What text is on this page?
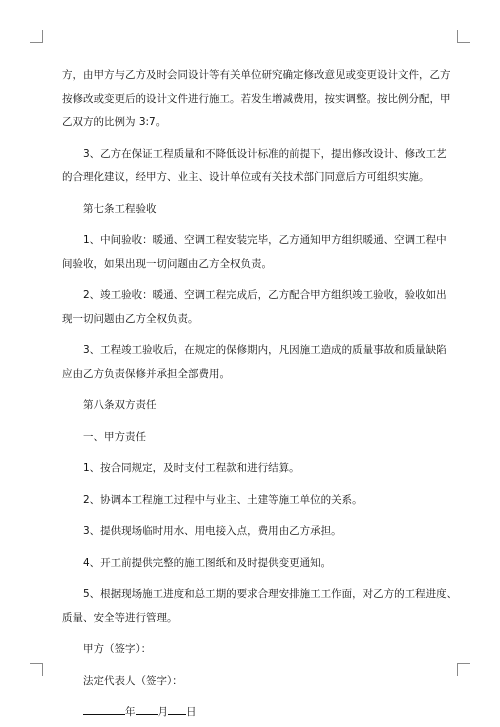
方，由甲方与乙方及时会同设计等有关单位研究确定修改意见或变更设计文件，乙方
按修改或变更后的设计文件进行施工。若发生增减费用，按实调整。按比例分配，甲
乙双方的比例为 3:7。
3、乙方在保证工程质量和不降低设计标准的前提下，提出修改设计、修改工艺
的合理化建议，经甲方、业主、设计单位或有关技术部门同意后方可组织实施。
第七条工程验收
1、中间验收：暖通、空调工程安装完毕，乙方通知甲方组织暖通、空调工程中
间验收，如果出现一切问题由乙方全权负责。
2、竣工验收：暖通、空调工程完成后，乙方配合甲方组织竣工验收，验收如出
现一切问题由乙方全权负责。
3、工程竣工验收后，在规定的保修期内，凡因施工造成的质量事故和质量缺陷
应由乙方负责保修并承担全部费用。
第八条双方责任
一、甲方责任
1、按合同规定，及时支付工程款和进行结算。
2、协调本工程施工过程中与业主、土建等施工单位的关系。
3、提供现场临时用水、用电接入点，费用由乙方承担。
4、开工前提供完整的施工图纸和及时提供变更通知。
5、根据现场施工进度和总工期的要求合理安排施工工作面，对乙方的工程进度、
质量、安全等进行管理。
甲方（签字）：
法定代表人（签字）：
年 月 日
